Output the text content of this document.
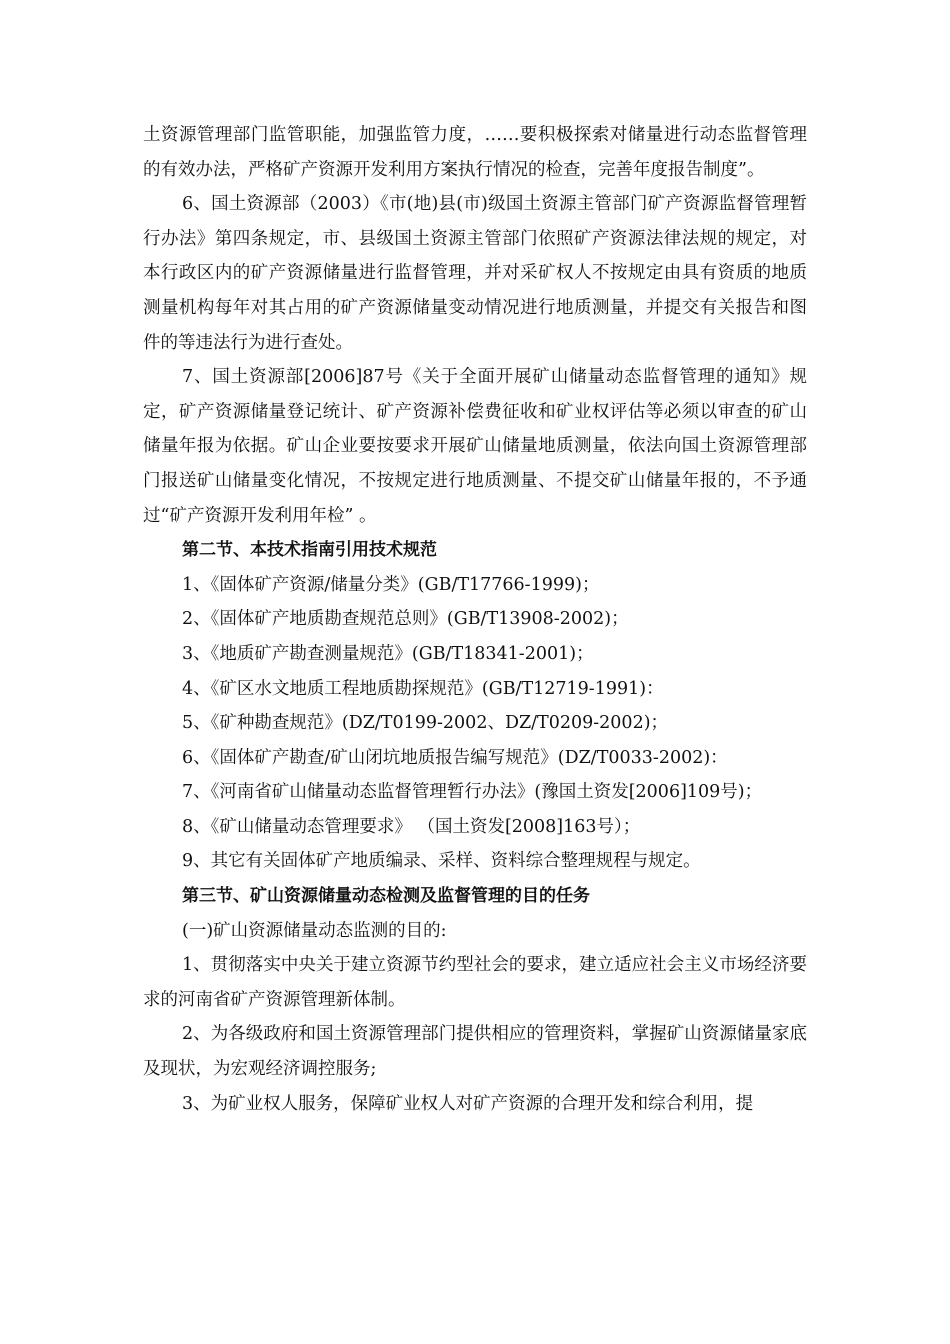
土资源管理部门监管职能，加强监管力度，……要积极探索对储量进行动态监督管理的有效办法，严格矿产资源开发利用方案执行情况的检查，完善年度报告制度”。

6、国土资源部（2003）《市(地)县(市)级国土资源主管部门矿产资源监督管理暂行办法》第四条规定，市、县级国土资源主管部门依照矿产资源法律法规的规定，对本行政区内的矿产资源储量进行监督管理，并对采矿权人不按规定由具有资质的地质测量机构每年对其占用的矿产资源储量变动情况进行地质测量，并提交有关报告和图件的等违法行为进行查处。

7、国土资源部[2006]87号《关于全面开展矿山储量动态监督管理的通知》规定，矿产资源储量登记统计、矿产资源补偿费征收和矿业权评估等必须以审查的矿山储量年报为依据。矿山企业要按要求开展矿山储量地质测量，依法向国土资源管理部门报送矿山储量变化情况，不按规定进行地质测量、不提交矿山储量年报的，不予通过“矿产资源开发利用年检” 。

第二节、本技术指南引用技术规范

1、《固体矿产资源/储量分类》(GB/T17766-1999)；

2、《固体矿产地质勘查规范总则》(GB/T13908-2002)；

3、《地质矿产勘查测量规范》(GB/T18341-2001)；

4、《矿区水文地质工程地质勘探规范》(GB/T12719-1991)：

5、《矿种勘查规范》(DZ/T0199-2002、DZ/T0209-2002)；

6、《固体矿产勘查/矿山闭坑地质报告编写规范》(DZ/T0033-2002)：

7、《河南省矿山储量动态监督管理暂行办法》(豫国土资发[2006]109号)；

8、《矿山储量动态管理要求》 （国土资发[2008]163号）；

9、其它有关固体矿产地质编录、采样、资料综合整理规程与规定。

第三节、矿山资源储量动态检测及监督管理的目的任务

(一)矿山资源储量动态监测的目的:

1、贯彻落实中央关于建立资源节约型社会的要求，建立适应社会主义市场经济要求的河南省矿产资源管理新体制。

2、为各级政府和国土资源管理部门提供相应的管理资料，掌握矿山资源储量家底及现状，为宏观经济调控服务;

3、为矿业权人服务，保障矿业权人对矿产资源的合理开发和综合利用，提
